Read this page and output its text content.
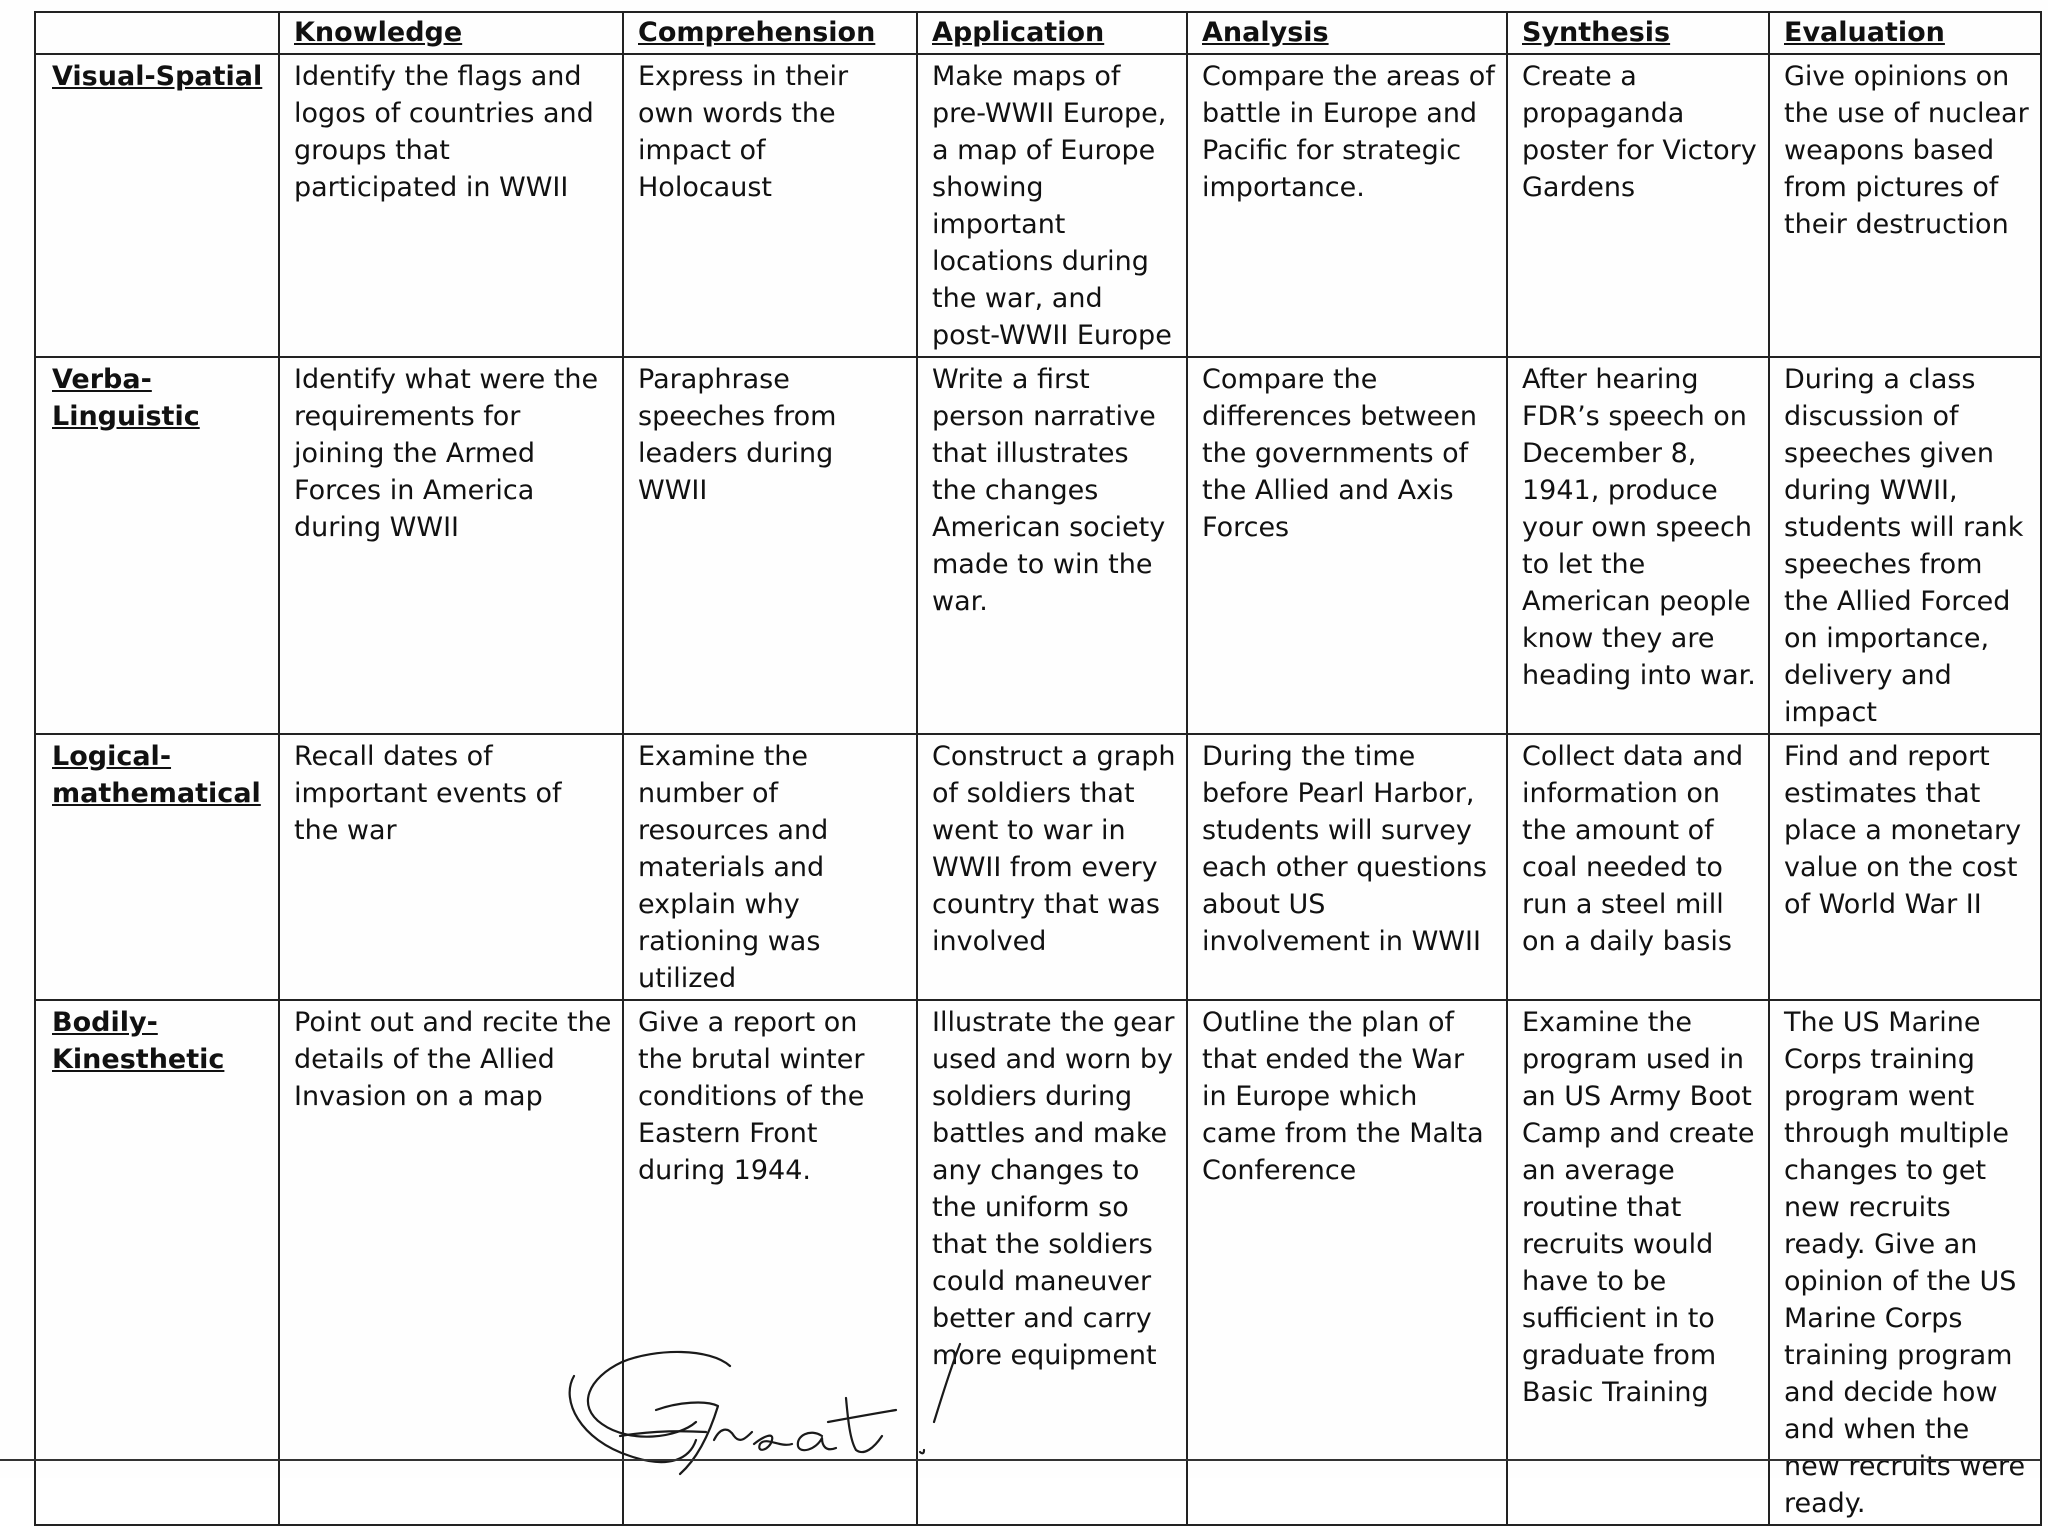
	Knowledge	Comprehension	Application	Analysis	Synthesis	Evaluation
Visual-Spatial	Identify the flags and logos of countries and groups that participated in WWII	Express in their own words the impact of Holocaust	Make maps of pre-WWII Europe, a map of Europe showing important locations during the war, and post-WWII Europe	Compare the areas of battle in Europe and Pacific for strategic importance.	Create a propaganda poster for Victory Gardens	Give opinions on the use of nuclear weapons based from pictures of their destruction

Verba-Linguistic	Identify what were the requirements for joining the Armed Forces in America during WWII	Paraphrase speeches from leaders during WWII	Write a first person narrative that illustrates the changes American society made to win the war.	Compare the differences between the governments of the Allied and Axis Forces	After hearing FDR’s speech on December 8, 1941, produce your own speech to let the American people know they are heading into war.	During a class discussion of speeches given during WWII, students will rank speeches from the Allied Forced on importance, delivery and impact

Logical-mathematical	Recall dates of important events of the war	Examine the number of resources and materials and explain why rationing was utilized	Construct a graph of soldiers that went to war in WWII from every country that was involved	During the time before Pearl Harbor, students will survey each other questions about US involvement in WWII	Collect data and information on the amount of coal needed to run a steel mill on a daily basis	Find and report estimates that place a monetary value on the cost of World War II

Bodily-Kinesthetic	Point out and recite the details of the Allied Invasion on a map	Give a report on the brutal winter conditions of the Eastern Front during 1944.	Illustrate the gear used and worn by soldiers during battles and make any changes to the uniform so that the soldiers could maneuver better and carry more equipment	Outline the plan of that ended the War in Europe which came from the Malta Conference	Examine the program used in an US Army Boot Camp and create an average routine that recruits would have to be sufficient in to graduate from Basic Training	The US Marine Corps training program went through multiple changes to get new recruits ready. Give an opinion of the US Marine Corps training program and decide how and when the new recruits were ready.
